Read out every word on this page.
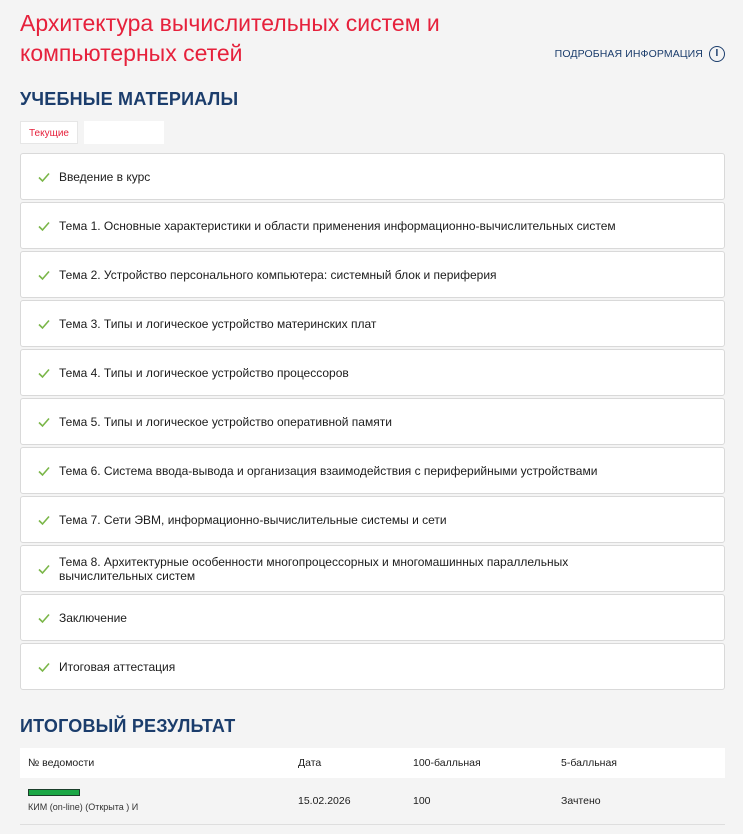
Архитектура вычислительных систем и компьютерных сетей	ПОДРОБНАЯ ИНФОРМАЦИЯ	I
УЧЕБНЫЕ МАТЕРИАЛЫ
Текущие
Введение в курс
Тема 1. Основные характеристики и области применения информационно-вычислительных систем
Тема 2. Устройство персонального компьютера: системный блок и периферия
Тема 3. Типы и логическое устройство материнских плат
Тема 4. Типы и логическое устройство процессоров
Тема 5. Типы и логическое устройство оперативной памяти
Тема 6. Система ввода-вывода и организация взаимодействия с периферийными устройствами
Тема 7. Сети ЭВМ, информационно-вычислительные системы и сети
Тема 8. Архитектурные особенности многопроцессорных и многомашинных параллельных вычислительных систем
Заключение
Итоговая аттестация
ИТОГОВЫЙ РЕЗУЛЬТАТ
№ ведомости	Дата	100-балльная	5-балльная

КИМ (on-line) (Открыта ) И	15.02.2026	100	Зачтено
